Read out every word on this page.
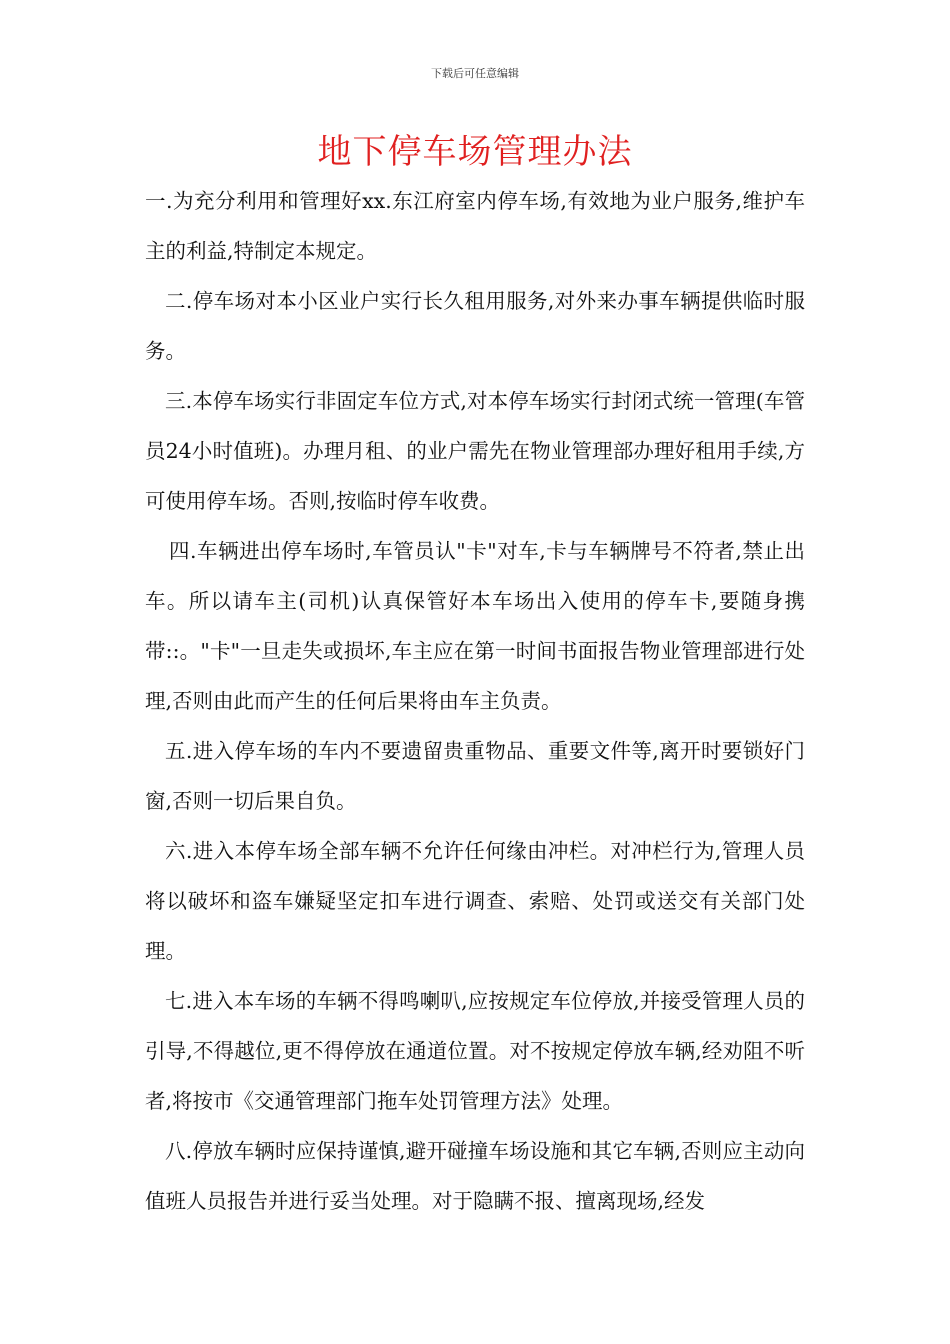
下载后可任意编辑
地下停车场管理办法

一.为充分利用和管理好xx.东江府室内停车场,有效地为业户服务,维护车主的利益,特制定本规定。

二.停车场对本小区业户实行长久租用服务,对外来办事车辆提供临时服务。

三.本停车场实行非固定车位方式,对本停车场实行封闭式统一管理(车管员24小时值班)。办理月租、的业户需先在物业管理部办理好租用手续,方可使用停车场。否则,按临时停车收费。

四.车辆进出停车场时,车管员认"卡"对车,卡与车辆牌号不符者,禁止出车。所以请车主(司机)认真保管好本车场出入使用的停车卡,要随身携带::。"卡"一旦走失或损坏,车主应在第一时间书面报告物业管理部进行处理,否则由此而产生的任何后果将由车主负责。

五.进入停车场的车内不要遗留贵重物品、重要文件等,离开时要锁好门窗,否则一切后果自负。

六.进入本停车场全部车辆不允许任何缘由冲栏。对冲栏行为,管理人员将以破坏和盗车嫌疑坚定扣车进行调查、索赔、处罚或送交有关部门处理。

七.进入本车场的车辆不得鸣喇叭,应按规定车位停放,并接受管理人员的引导,不得越位,更不得停放在通道位置。对不按规定停放车辆,经劝阻不听者,将按市《交通管理部门拖车处罚管理方法》处理。

八.停放车辆时应保持谨慎,避开碰撞车场设施和其它车辆,否则应主动向值班人员报告并进行妥当处理。对于隐瞒不报、擅离现场,经发
